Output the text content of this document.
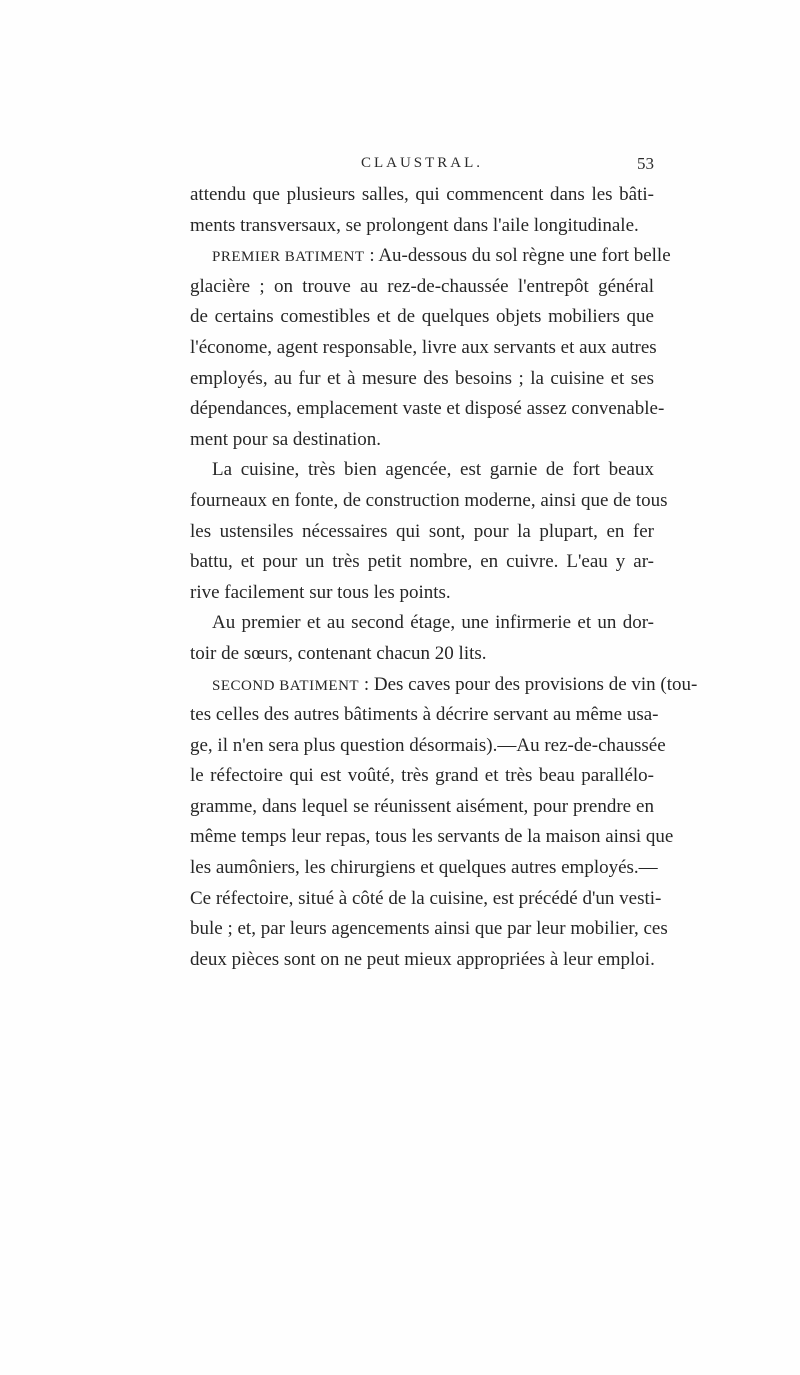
CLAUSTRAL.	53
attendu que plusieurs salles, qui commencent dans les bâti-
ments transversaux, se prolongent dans l'aile longitudinale.
PREMIER BATIMENT : Au-dessous du sol règne une fort belle
glacière ; on trouve au rez-de-chaussée l'entrepôt général
de certains comestibles et de quelques objets mobiliers que
l'économe, agent responsable, livre aux servants et aux autres
employés, au fur et à mesure des besoins ; la cuisine et ses
dépendances, emplacement vaste et disposé assez convenable-
ment pour sa destination.
La cuisine, très bien agencée, est garnie de fort beaux
fourneaux en fonte, de construction moderne, ainsi que de tous
les ustensiles nécessaires qui sont, pour la plupart, en fer
battu, et pour un très petit nombre, en cuivre. L'eau y ar-
rive facilement sur tous les points.
Au premier et au second étage, une infirmerie et un dor-
toir de sœurs, contenant chacun 20 lits.
SECOND BATIMENT : Des caves pour des provisions de vin (tou-
tes celles des autres bâtiments à décrire servant au même usa-
ge, il n'en sera plus question désormais).—Au rez-de-chaussée
le réfectoire qui est voûté, très grand et très beau parallélo-
gramme, dans lequel se réunissent aisément, pour prendre en
même temps leur repas, tous les servants de la maison ainsi que
les aumôniers, les chirurgiens et quelques autres employés.—
Ce réfectoire, situé à côté de la cuisine, est précédé d'un vesti-
bule ; et, par leurs agencements ainsi que par leur mobilier, ces
deux pièces sont on ne peut mieux appropriées à leur emploi.
